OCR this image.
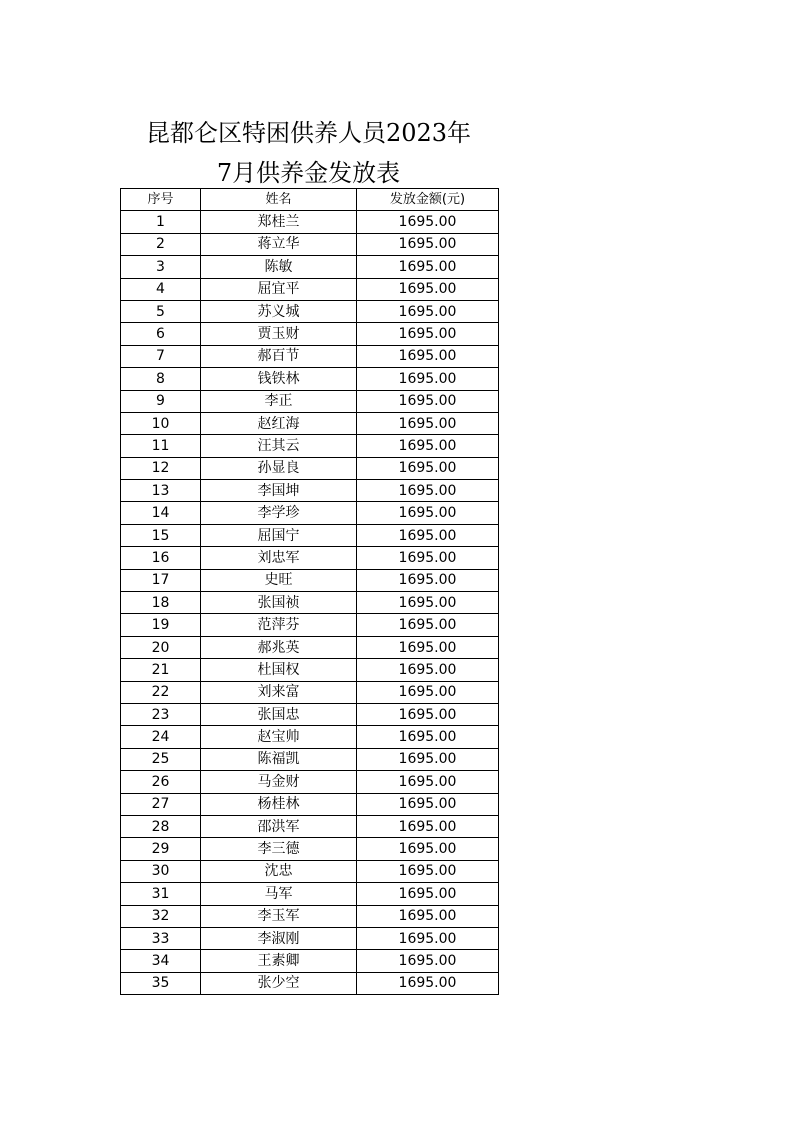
昆都仑区特困供养人员2023年
7月供养金发放表
序号	姓名	发放金额(元)
1	郑桂兰	1695.00
2	蒋立华	1695.00
3	陈敏	1695.00
4	屈宜平	1695.00
5	苏义城	1695.00
6	贾玉财	1695.00
7	郝百节	1695.00
8	钱铁林	1695.00
9	李正	1695.00
10	赵红海	1695.00
11	汪其云	1695.00
12	孙显良	1695.00
13	李国坤	1695.00
14	李学珍	1695.00
15	屈国宁	1695.00
16	刘忠军	1695.00
17	史旺	1695.00
18	张国祯	1695.00
19	范萍芬	1695.00
20	郝兆英	1695.00
21	杜国权	1695.00
22	刘来富	1695.00
23	张国忠	1695.00
24	赵宝帅	1695.00
25	陈福凯	1695.00
26	马金财	1695.00
27	杨桂林	1695.00
28	邵洪军	1695.00
29	李三德	1695.00
30	沈忠	1695.00
31	马军	1695.00
32	李玉军	1695.00
33	李淑刚	1695.00
34	王素卿	1695.00
35	张少空	1695.00
